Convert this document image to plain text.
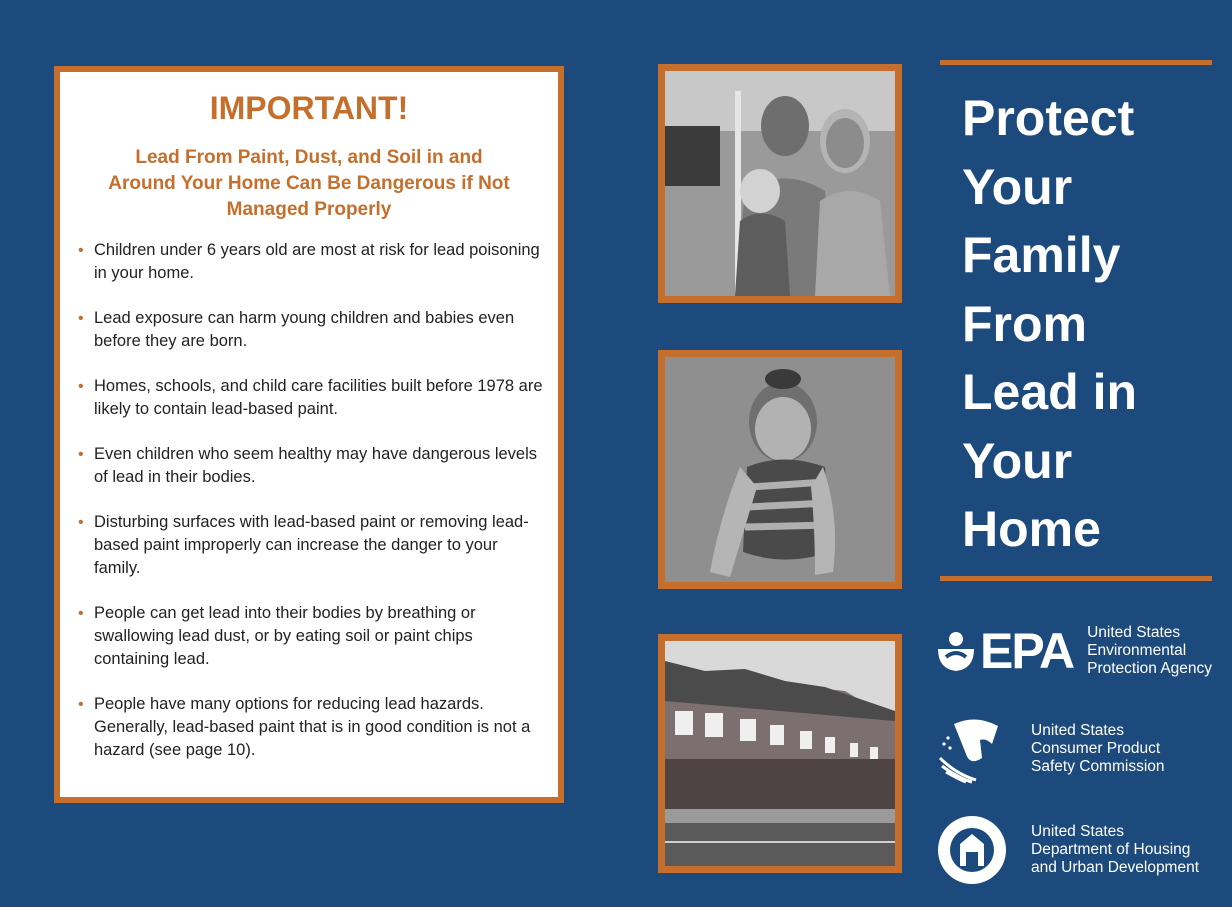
IMPORTANT!
Lead From Paint, Dust, and Soil in and Around Your Home Can Be Dangerous if Not Managed Properly
• Children under 6 years old are most at risk for lead poisoning in your home.
• Lead exposure can harm young children and babies even before they are born.
• Homes, schools, and child care facilities built before 1978 are likely to contain lead-based paint.
• Even children who seem healthy may have dangerous levels of lead in their bodies.
• Disturbing surfaces with lead-based paint or removing lead-based paint improperly can increase the danger to your family.
• People can get lead into their bodies by breathing or swallowing lead dust, or by eating soil or paint chips containing lead.
• People have many options for reducing lead hazards. Generally, lead-based paint that is in good condition is not a hazard (see page 10).
Protect
Your
Family
From
Lead in
Your
Home
EPA United States
Environmental
Protection Agency
United States
Consumer Product
Safety Commission
United States
Department of Housing
and Urban Development
